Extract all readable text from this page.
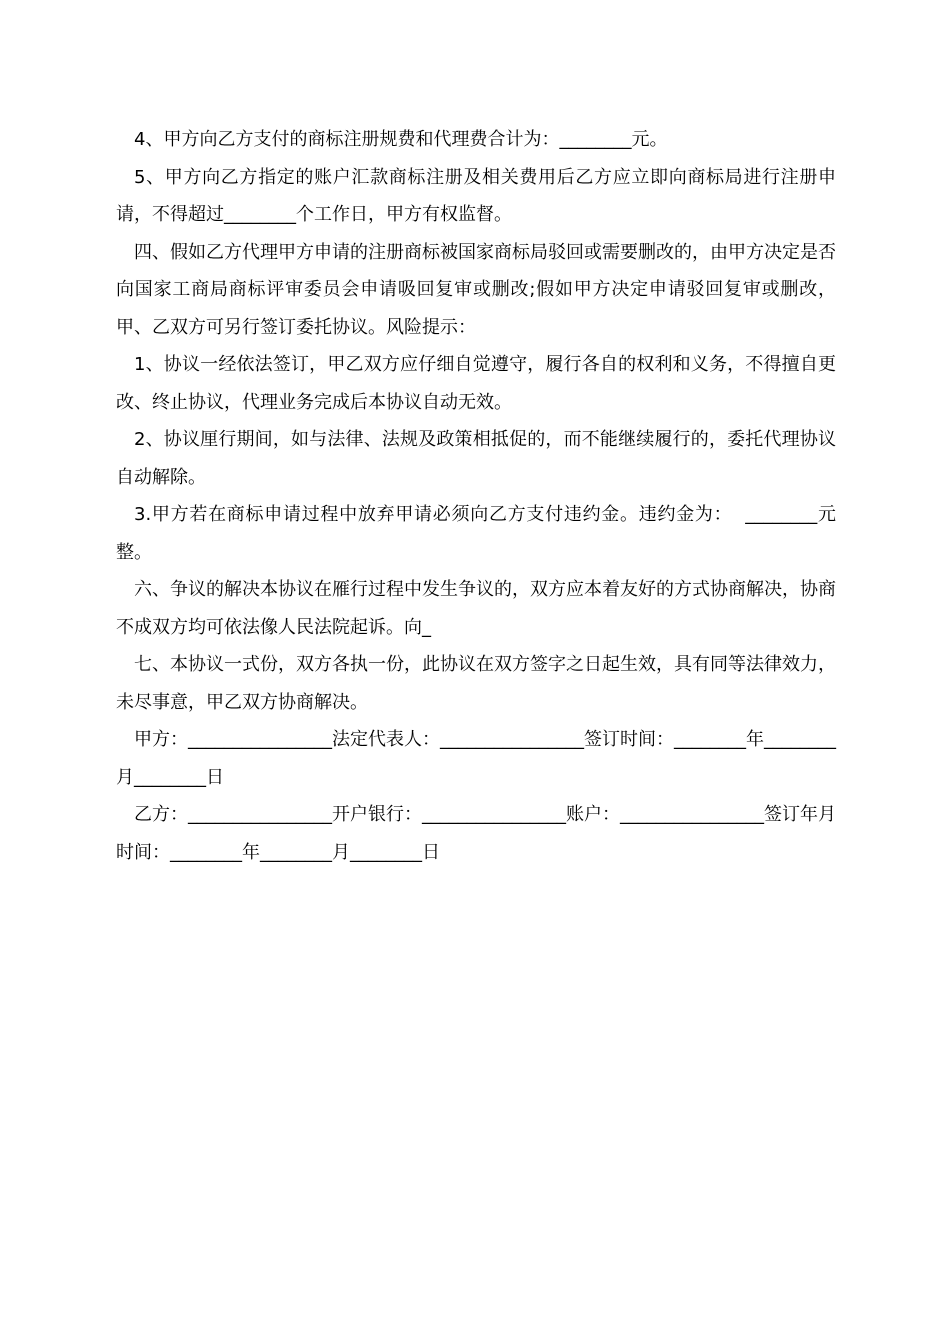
4、甲方向乙方支付的商标注册规费和代理费合计为：________元。

5、甲方向乙方指定的账户汇款商标注册及相关费用后乙方应立即向商标局进行注册申请，不得超过________个工作日，甲方有权监督。

四、假如乙方代理甲方申请的注册商标被国家商标局驳回或需要删改的，由甲方决定是否向国家工商局商标评审委员会申请吸回复审或删改;假如甲方决定申请驳回复审或删改，甲、乙双方可另行签订委托协议。风险提示：

1、协议一经依法签订，甲乙双方应仔细自觉遵守，履行各自的权利和义务，不得擅自更改、终止协议，代理业务完成后本协议自动无效。

2、协议厘行期间，如与法律、法规及政策相抵促的，而不能继续履行的，委托代理协议自动解除。

3.甲方若在商标申请过程中放弃甲请必须向乙方支付违约金。违约金为：  ________元整。

六、争议的解决本协议在雁行过程中发生争议的，双方应本着友好的方式协商解决，协商不成双方均可依法像人民法院起诉。向_

七、本协议一式份，双方各执一份，此协议在双方签字之日起生效，具有同等法律效力，未尽事意，甲乙双方协商解决。

甲方：________________法定代表人：________________签订时间：________年________月________日

乙方：________________开户银行：________________账户：________________签订年月时间：________年________月________日
